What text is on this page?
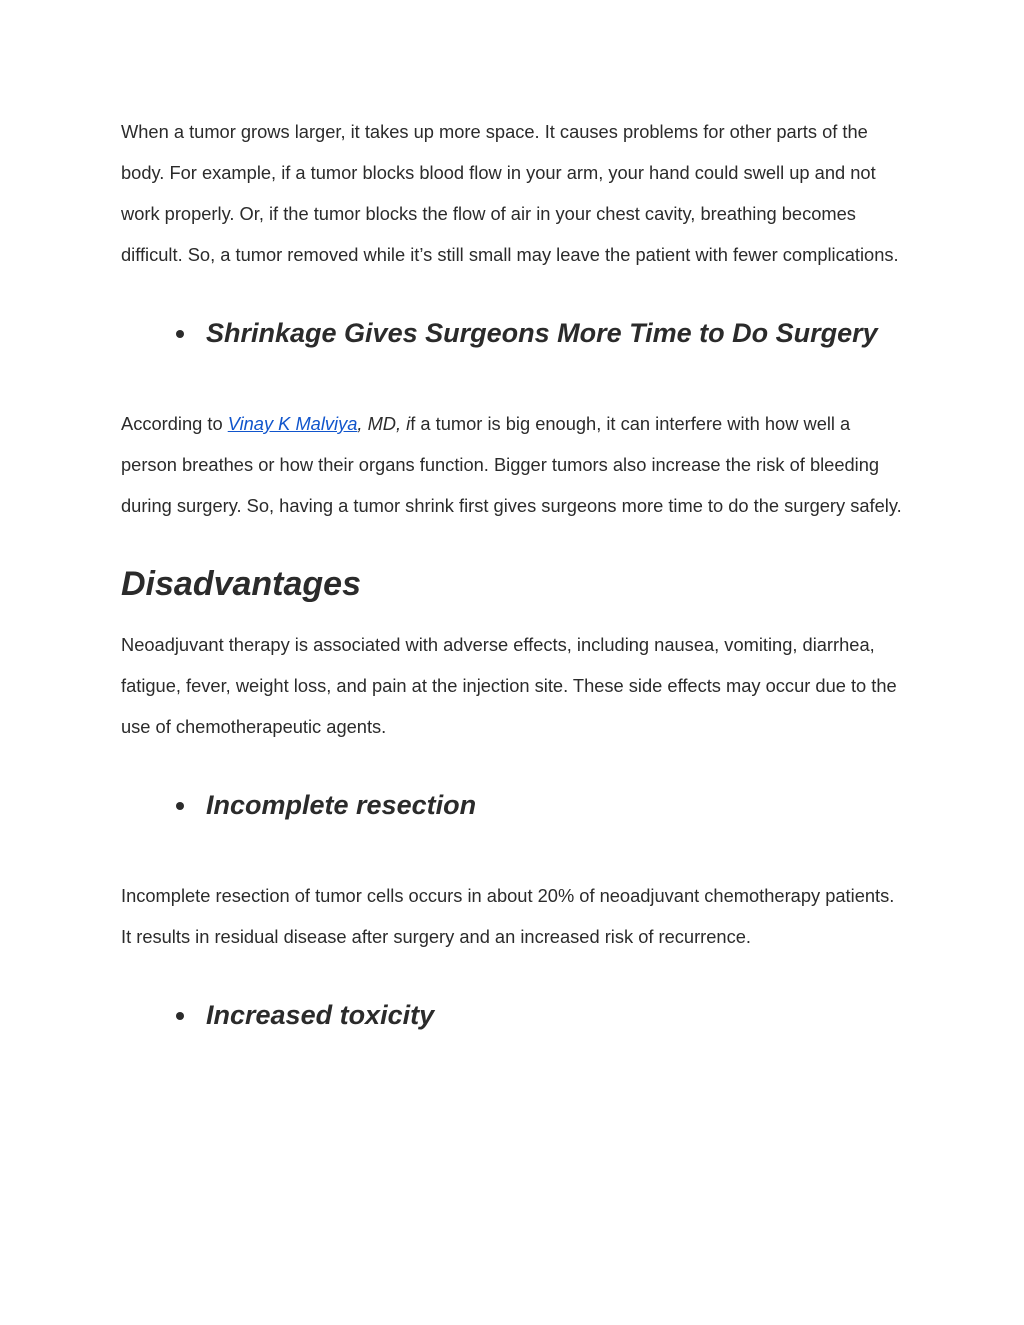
When a tumor grows larger, it takes up more space. It causes problems for other parts of the body. For example, if a tumor blocks blood flow in your arm, your hand could swell up and not work properly. Or, if the tumor blocks the flow of air in your chest cavity, breathing becomes difficult. So, a tumor removed while it’s still small may leave the patient with fewer complications.

Shrinkage Gives Surgeons More Time to Do Surgery

According to Vinay K Malviya, MD, if a tumor is big enough, it can interfere with how well a person breathes or how their organs function. Bigger tumors also increase the risk of bleeding during surgery. So, having a tumor shrink first gives surgeons more time to do the surgery safely.

Disadvantages

Neoadjuvant therapy is associated with adverse effects, including nausea, vomiting, diarrhea, fatigue, fever, weight loss, and pain at the injection site. These side effects may occur due to the use of chemotherapeutic agents.

Incomplete resection

Incomplete resection of tumor cells occurs in about 20% of neoadjuvant chemotherapy patients. It results in residual disease after surgery and an increased risk of recurrence.

Increased toxicity
